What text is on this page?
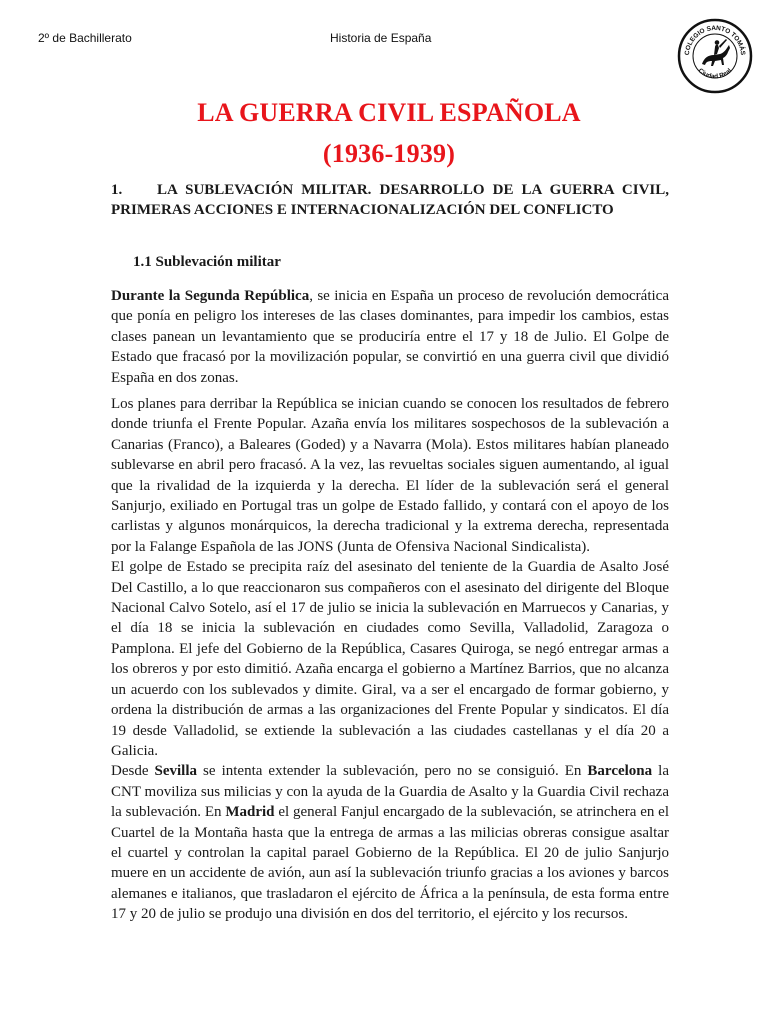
2º de Bachillerato	Historia de España
COLEGIO SANTO TOMÁS
Ciudad Real
LA GUERRA CIVIL ESPAÑOLA
(1936-1939)
1. LA SUBLEVACIÓN MILITAR. DESARROLLO DE LA GUERRA CIVIL, PRIMERAS ACCIONES E INTERNACIONALIZACIÓN DEL CONFLICTO
1.1 Sublevación militar

Durante la Segunda República, se inicia en España un proceso de revolución democrática que ponía en peligro los intereses de las clases dominantes, para impedir los cambios, estas clases panean un levantamiento que se produciría entre el 17 y 18 de Julio. El Golpe de Estado que fracasó por la movilización popular, se convirtió en una guerra civil que dividió España en dos zonas.

Los planes para derribar la República se inician cuando se conocen los resultados de febrero donde triunfa el Frente Popular. Azaña envía los militares sospechosos de la sublevación a Canarias (Franco), a Baleares (Goded) y a Navarra (Mola). Estos militares habían planeado sublevarse en abril pero fracasó. A la vez, las revueltas sociales siguen aumentando, al igual que la rivalidad de la izquierda y la derecha. El líder de la sublevación será el general Sanjurjo, exiliado en Portugal tras un golpe de Estado fallido, y contará con el apoyo de los carlistas y algunos monárquicos, la derecha tradicional y la extrema derecha, representada por la Falange Española de las JONS (Junta de Ofensiva Nacional Sindicalista).

El golpe de Estado se precipita raíz del asesinato del teniente de la Guardia de Asalto José Del Castillo, a lo que reaccionaron sus compañeros con el asesinato del dirigente del Bloque Nacional Calvo Sotelo, así el 17 de julio se inicia la sublevación en Marruecos y Canarias, y el día 18 se inicia la sublevación en ciudades como Sevilla, Valladolid, Zaragoza o Pamplona. El jefe del Gobierno de la República, Casares Quiroga, se negó entregar armas a los obreros y por esto dimitió. Azaña encarga el gobierno a Martínez Barrios, que no alcanza un acuerdo con los sublevados y dimite. Giral, va a ser el encargado de formar gobierno, y ordena la distribución de armas a las organizaciones del Frente Popular y sindicatos. El día 19 desde Valladolid, se extiende la sublevación a las ciudades castellanas y el día 20 a Galicia.

Desde Sevilla se intenta extender la sublevación, pero no se consiguió. En Barcelona la CNT moviliza sus milicias y con la ayuda de la Guardia de Asalto y la Guardia Civil rechaza la sublevación. En Madrid el general Fanjul encargado de la sublevación, se atrinchera en el Cuartel de la Montaña hasta que la entrega de armas a las milicias obreras consigue asaltar el cuartel y controlan la capital parael Gobierno de la República. El 20 de julio Sanjurjo muere en un accidente de avión, aun así la sublevación triunfo gracias a los aviones y barcos alemanes e italianos, que trasladaron el ejército de África a la península, de esta forma entre 17 y 20 de julio se produjo una división en dos del territorio, el ejército y los recursos.
